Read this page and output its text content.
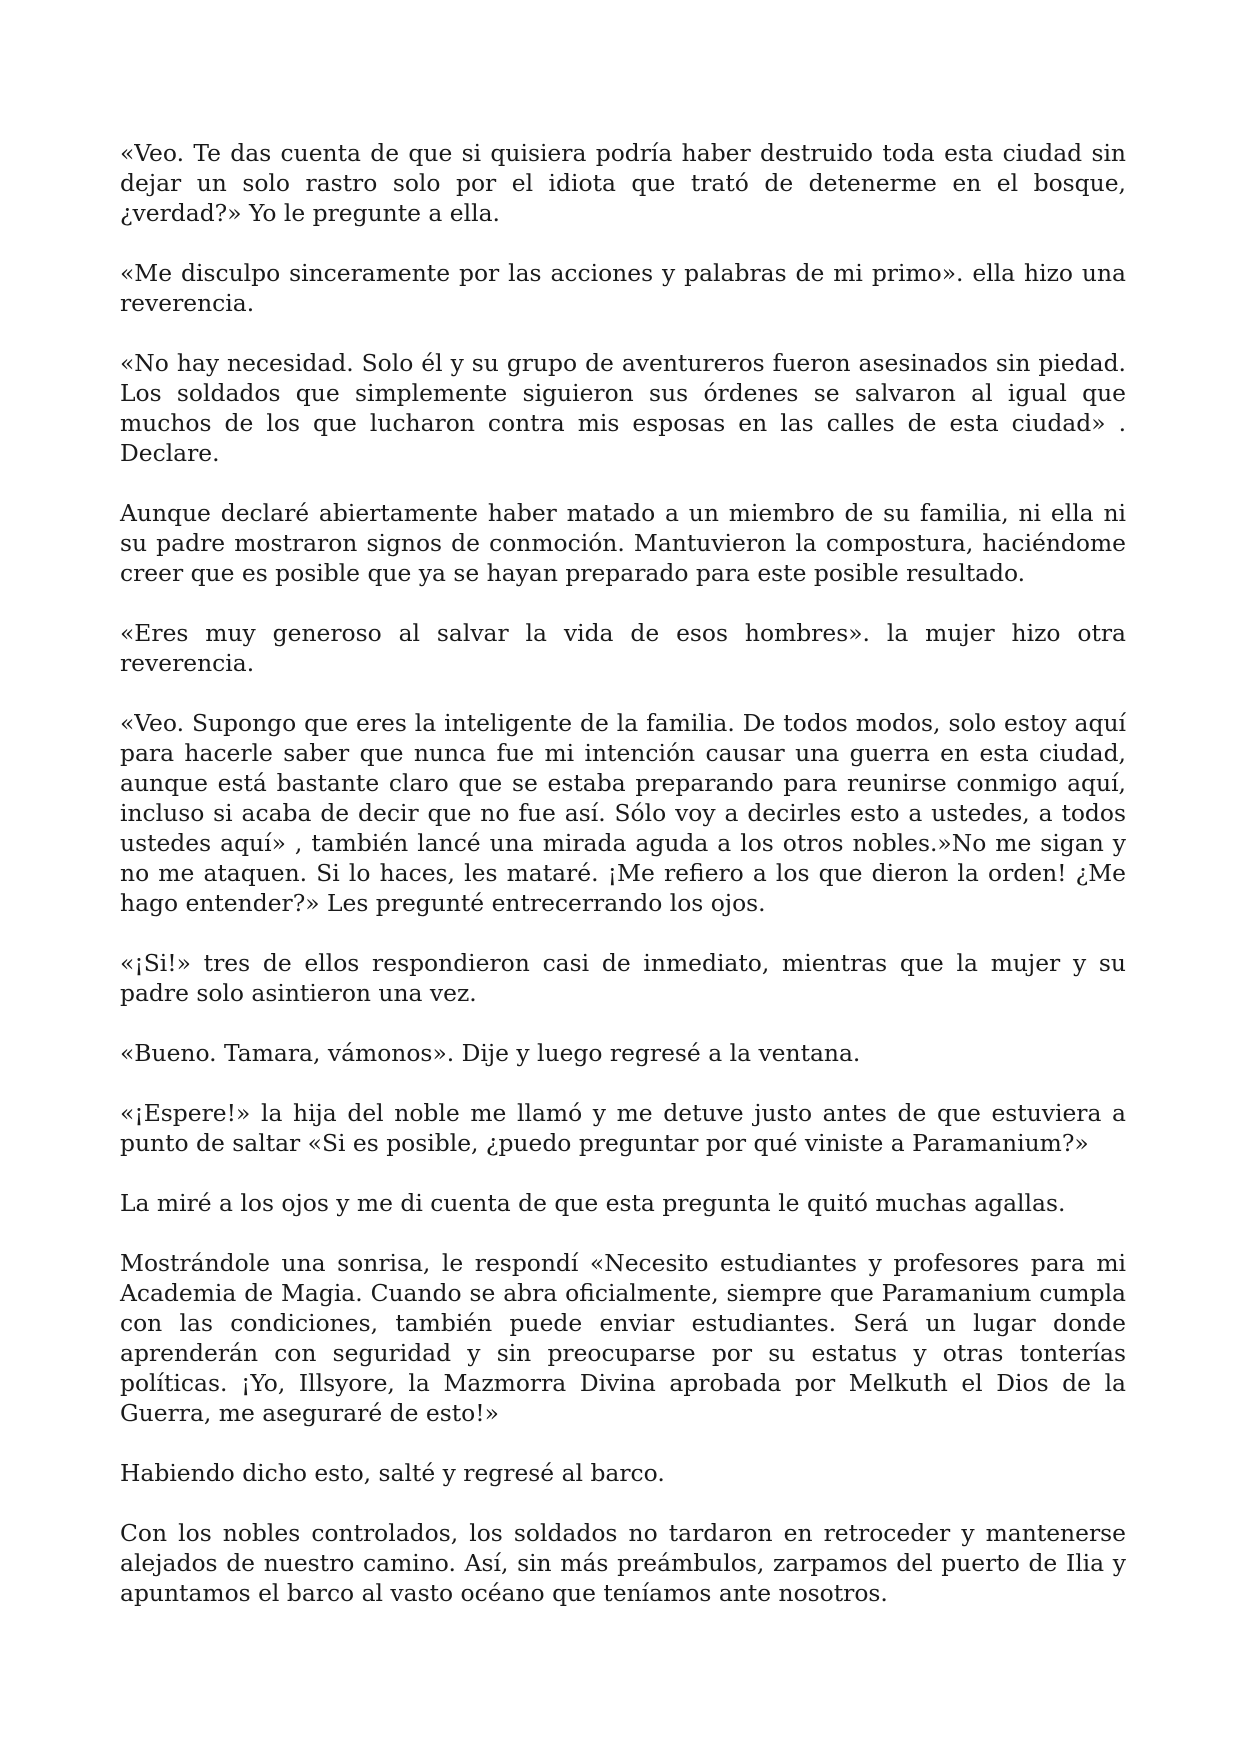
«Veo. Te das cuenta de que si quisiera podría haber destruido toda esta ciudad sin dejar un solo rastro solo por el idiota que trató de detenerme en el bosque, ¿verdad?» Yo le pregunte a ella.

«Me disculpo sinceramente por las acciones y palabras de mi primo». ella hizo una reverencia.

«No hay necesidad. Solo él y su grupo de aventureros fueron asesinados sin piedad. Los soldados que simplemente siguieron sus órdenes se salvaron al igual que muchos de los que lucharon contra mis esposas en las calles de esta ciudad» . Declare.

Aunque declaré abiertamente haber matado a un miembro de su familia, ni ella ni su padre mostraron signos de conmoción. Mantuvieron la compostura, haciéndome creer que es posible que ya se hayan preparado para este posible resultado.

«Eres muy generoso al salvar la vida de esos hombres». la mujer hizo otra reverencia.

«Veo. Supongo que eres la inteligente de la familia. De todos modos, solo estoy aquí para hacerle saber que nunca fue mi intención causar una guerra en esta ciudad, aunque está bastante claro que se estaba preparando para reunirse conmigo aquí, incluso si acaba de decir que no fue así. Sólo voy a decirles esto a ustedes, a todos ustedes aquí» , también lancé una mirada aguda a los otros nobles.»No me sigan y no me ataquen. Si lo haces, les mataré. ¡Me refiero a los que dieron la orden! ¿Me hago entender?» Les pregunté entrecerrando los ojos.

«¡Si!» tres de ellos respondieron casi de inmediato, mientras que la mujer y su padre solo asintieron una vez.

«Bueno. Tamara, vámonos». Dije y luego regresé a la ventana.

«¡Espere!» la hija del noble me llamó y me detuve justo antes de que estuviera a punto de saltar «Si es posible, ¿puedo preguntar por qué viniste a Paramanium?»

La miré a los ojos y me di cuenta de que esta pregunta le quitó muchas agallas.

Mostrándole una sonrisa, le respondí «Necesito estudiantes y profesores para mi Academia de Magia. Cuando se abra oficialmente, siempre que Paramanium cumpla con las condiciones, también puede enviar estudiantes. Será un lugar donde aprenderán con seguridad y sin preocuparse por su estatus y otras tonterías políticas. ¡Yo, Illsyore, la Mazmorra Divina aprobada por Melkuth el Dios de la Guerra, me aseguraré de esto!»

Habiendo dicho esto, salté y regresé al barco.

Con los nobles controlados, los soldados no tardaron en retroceder y mantenerse alejados de nuestro camino. Así, sin más preámbulos, zarpamos del puerto de Ilia y apuntamos el barco al vasto océano que teníamos ante nosotros.
